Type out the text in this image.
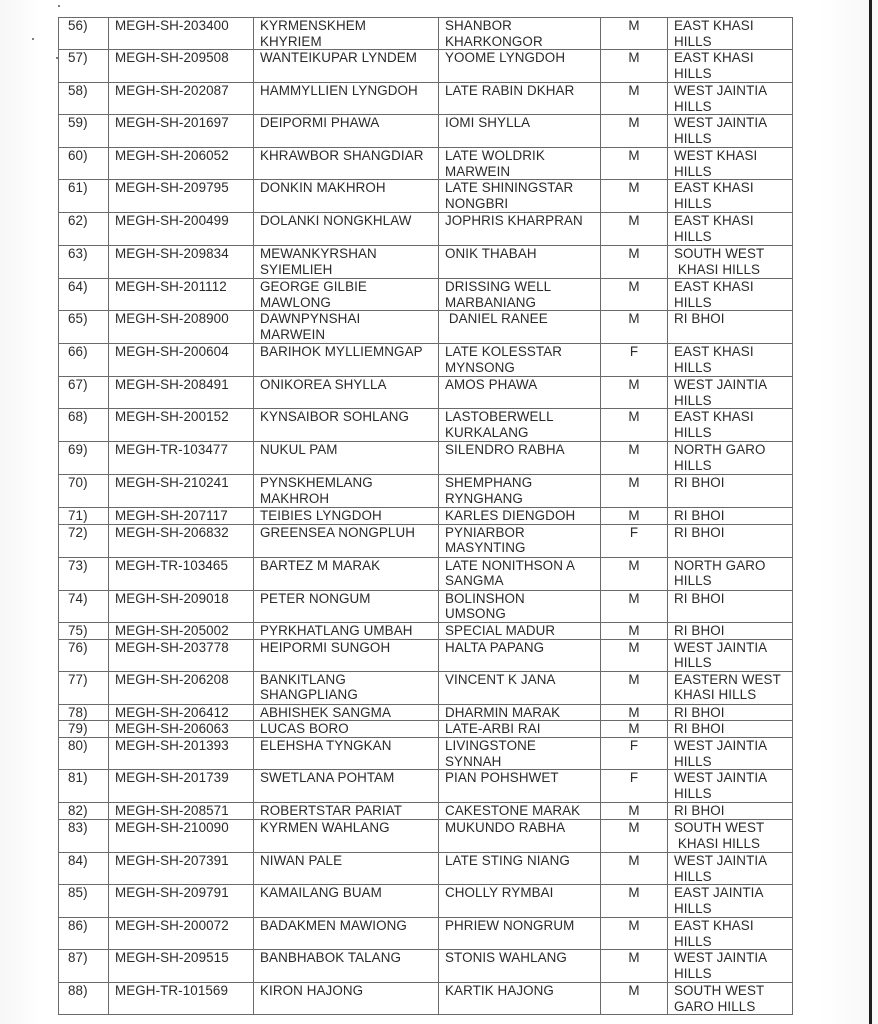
56)	MEGH-SH-203400	KYRMENSKHEM
KHYRIEM	SHANBOR
KHARKONGOR	M	EAST KHASI
HILLS

57)	MEGH-SH-209508	WANTEIKUPAR LYNDEM	YOOME LYNGDOH	M	EAST KHASI
HILLS

58)	MEGH-SH-202087	HAMMYLLIEN LYNGDOH	LATE RABIN DKHAR	M	WEST JAINTIA
HILLS

59)	MEGH-SH-201697	DEIPORMI PHAWA	IOMI SHYLLA	M	WEST JAINTIA
HILLS

60)	MEGH-SH-206052	KHRAWBOR SHANGDIAR	LATE WOLDRIK
MARWEIN	M	WEST KHASI
HILLS

61)	MEGH-SH-209795	DONKIN MAKHROH	LATE SHININGSTAR
NONGBRI	M	EAST KHASI
HILLS

62)	MEGH-SH-200499	DOLANKI NONGKHLAW	JOPHRIS KHARPRAN	M	EAST KHASI
HILLS

63)	MEGH-SH-209834	MEWANKYRSHAN
SYIEMLIEH	ONIK THABAH	M	SOUTH WEST
KHASI HILLS

64)	MEGH-SH-201112	GEORGE GILBIE
MAWLONG	DRISSING WELL
MARBANIANG	M	EAST KHASI
HILLS

65)	MEGH-SH-208900	DAWNPYNSHAI
MARWEIN	DANIEL RANEE	M	RI BHOI

66)	MEGH-SH-200604	BARIHOK MYLLIEMNGAP	LATE KOLESSTAR
MYNSONG	F	EAST KHASI
HILLS

67)	MEGH-SH-208491	ONIKOREA SHYLLA	AMOS PHAWA	M	WEST JAINTIA
HILLS

68)	MEGH-SH-200152	KYNSAIBOR SOHLANG	LASTOBERWELL
KURKALANG	M	EAST KHASI
HILLS

69)	MEGH-TR-103477	NUKUL PAM	SILENDRO RABHA	M	NORTH GARO
HILLS

70)	MEGH-SH-210241	PYNSKHEMLANG
MAKHROH	SHEMPHANG
RYNGHANG	M	RI BHOI

71)	MEGH-SH-207117	TEIBIES LYNGDOH	KARLES DIENGDOH	M	RI BHOI

72)	MEGH-SH-206832	GREENSEA NONGPLUH	PYNIARBOR
MASYNTING	F	RI BHOI

73)	MEGH-TR-103465	BARTEZ M MARAK	LATE NONITHSON A
SANGMA	M	NORTH GARO
HILLS

74)	MEGH-SH-209018	PETER NONGUM	BOLINSHON
UMSONG	M	RI BHOI

75)	MEGH-SH-205002	PYRKHATLANG UMBAH	SPECIAL MADUR	M	RI BHOI

76)	MEGH-SH-203778	HEIPORMI SUNGOH	HALTA PAPANG	M	WEST JAINTIA
HILLS

77)	MEGH-SH-206208	BANKITLANG
SHANGPLIANG	VINCENT K JANA	M	EASTERN WEST
KHASI HILLS

78)	MEGH-SH-206412	ABHISHEK SANGMA	DHARMIN MARAK	M	RI BHOI

79)	MEGH-SH-206063	LUCAS BORO	LATE-ARBI RAI	M	RI BHOI

80)	MEGH-SH-201393	ELEHSHA TYNGKAN	LIVINGSTONE
SYNNAH	F	WEST JAINTIA
HILLS

81)	MEGH-SH-201739	SWETLANA POHTAM	PIAN POHSHWET	F	WEST JAINTIA
HILLS

82)	MEGH-SH-208571	ROBERTSTAR PARIAT	CAKESTONE MARAK	M	RI BHOI

83)	MEGH-SH-210090	KYRMEN WAHLANG	MUKUNDO RABHA	M	SOUTH WEST
KHASI HILLS

84)	MEGH-SH-207391	NIWAN PALE	LATE STING NIANG	M	WEST JAINTIA
HILLS

85)	MEGH-SH-209791	KAMAILANG BUAM	CHOLLY RYMBAI	M	EAST JAINTIA
HILLS

86)	MEGH-SH-200072	BADAKMEN MAWIONG	PHRIEW NONGRUM	M	EAST KHASI
HILLS

87)	MEGH-SH-209515	BANBHABOK TALANG	STONIS WAHLANG	M	WEST JAINTIA
HILLS

88)	MEGH-TR-101569	KIRON HAJONG	KARTIK HAJONG	M	SOUTH WEST
GARO HILLS
